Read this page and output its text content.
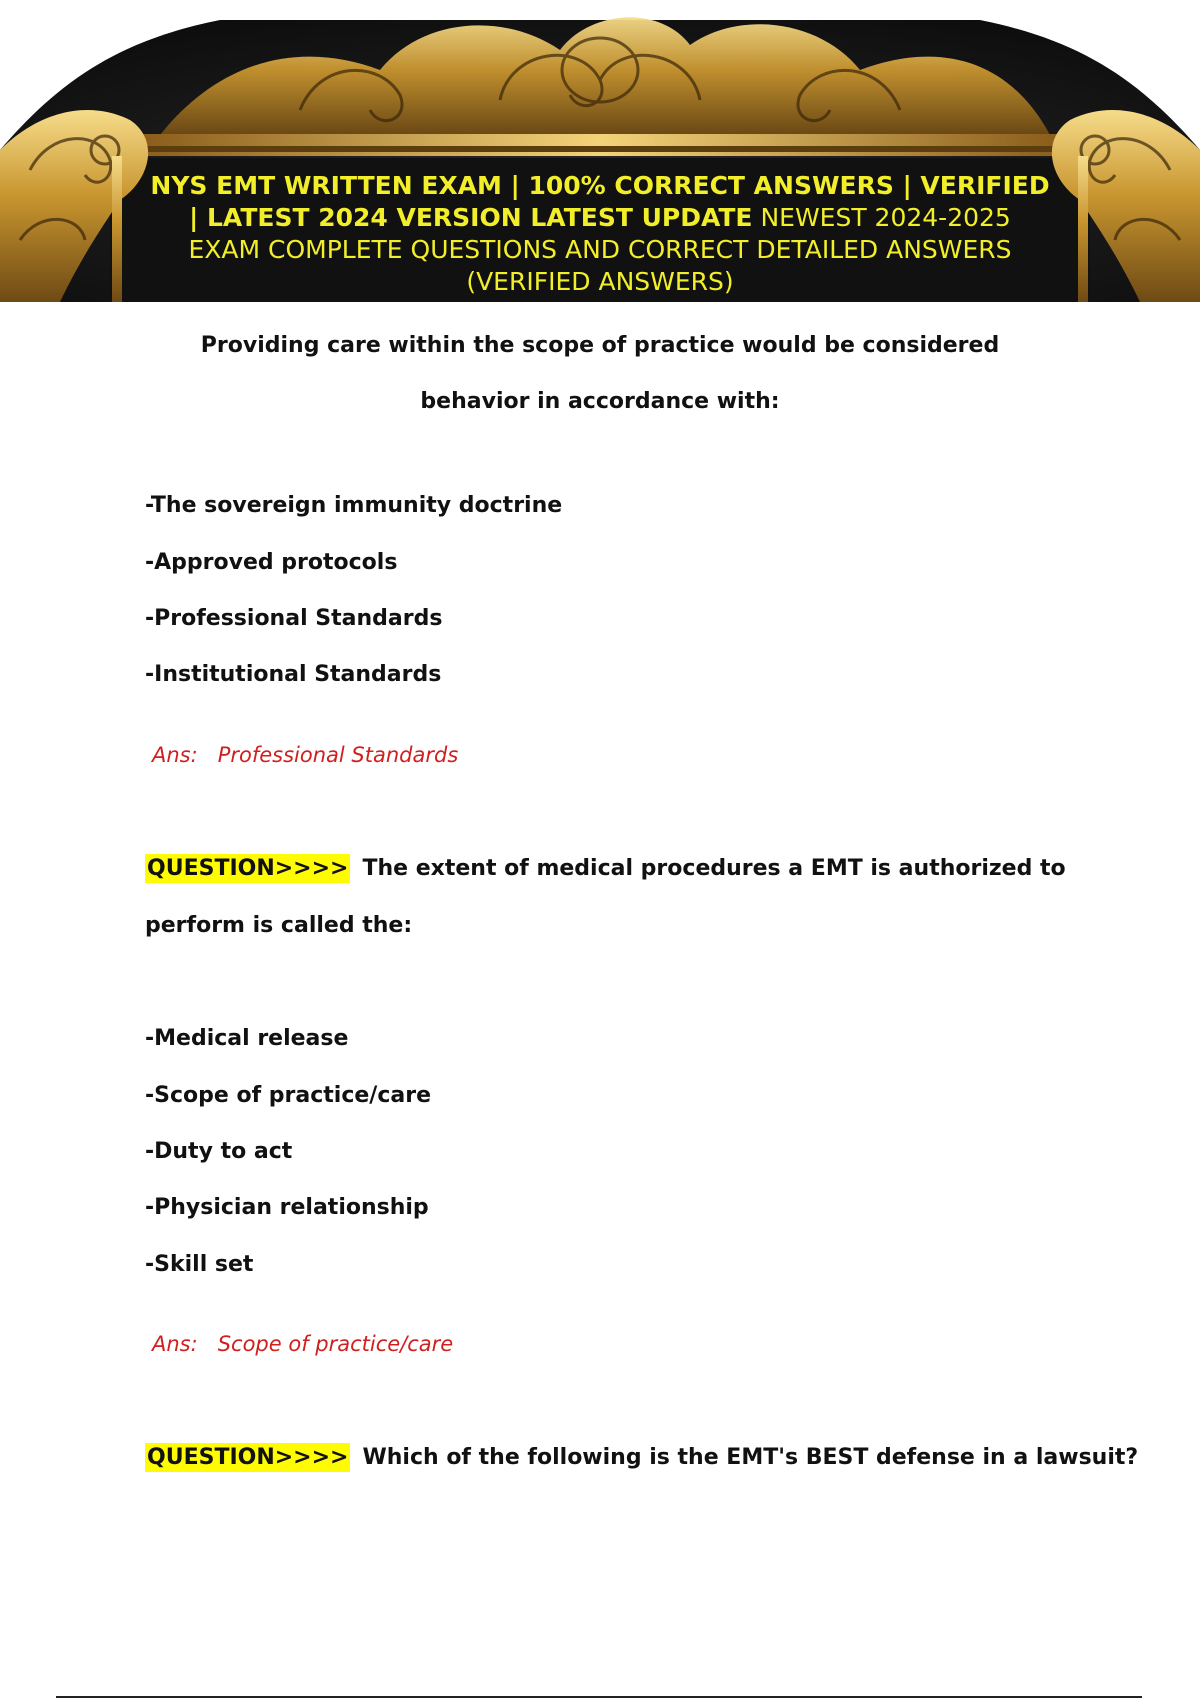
NYS EMT WRITTEN EXAM | 100% CORRECT ANSWERS | VERIFIED | LATEST 2024 VERSION LATEST UPDATE NEWEST 2024-2025 EXAM COMPLETE QUESTIONS AND CORRECT DETAILED ANSWERS (VERIFIED ANSWERS)
Providing care within the scope of practice would be considered behavior in accordance with:
-The sovereign immunity doctrine
-Approved protocols
-Professional Standards
-Institutional Standards
Ans: Professional Standards
QUESTION>>>> The extent of medical procedures a EMT is authorized to
perform is called the:
-Medical release
-Scope of practice/care
-Duty to act
-Physician relationship
-Skill set
Ans: Scope of practice/care
QUESTION>>>> Which of the following is the EMT's BEST defense in a lawsuit?
